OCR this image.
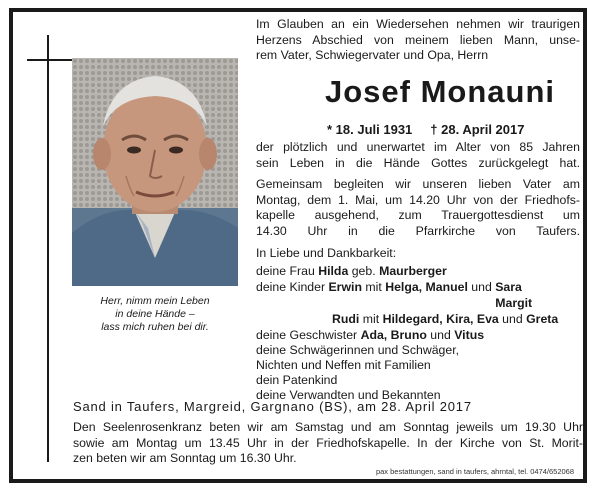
Herr, nimm mein Leben
in deine Hände –
lass mich ruhen bei dir.
Im Glauben an ein Wiedersehen nehmen wir traurigen
Herzens Abschied von meinem lieben Mann, unse-
rem Vater, Schwiegervater und Opa, Herrn
Josef Monauni
* 18. Juli 1931 † 28. April 2017
der plötzlich und unerwartet im Alter von 85 Jahren
sein Leben in die Hände Gottes zurückgelegt hat.
Gemeinsam begleiten wir unseren lieben Vater am
Montag, dem 1. Mai, um 14.20 Uhr von der Friedhofs-
kapelle ausgehend, zum Trauergottesdienst um
14.30 Uhr in die Pfarrkirche von Taufers.
In Liebe und Dankbarkeit:
deine Frau Hilda geb. Maurberger
deine Kinder Erwin mit Helga, Manuel und Sara Margit
Rudi mit Hildegard, Kira, Eva und Greta
deine Geschwister Ada, Bruno und Vitus
deine Schwägerinnen und Schwäger,
Nichten und Neffen mit Familien
dein Patenkind
deine Verwandten und Bekannten
Sand in Taufers, Margreid, Gargnano (BS), am 28. April 2017
Den Seelenrosenkranz beten wir am Samstag und am Sonntag jeweils um 19.30 Uhr
sowie am Montag um 13.45 Uhr in der Friedhofskapelle. In der Kirche von St. Morit-
zen beten wir am Sonntag um 16.30 Uhr.
pax bestattungen, sand in taufers, ahrntal, tel. 0474/652068
